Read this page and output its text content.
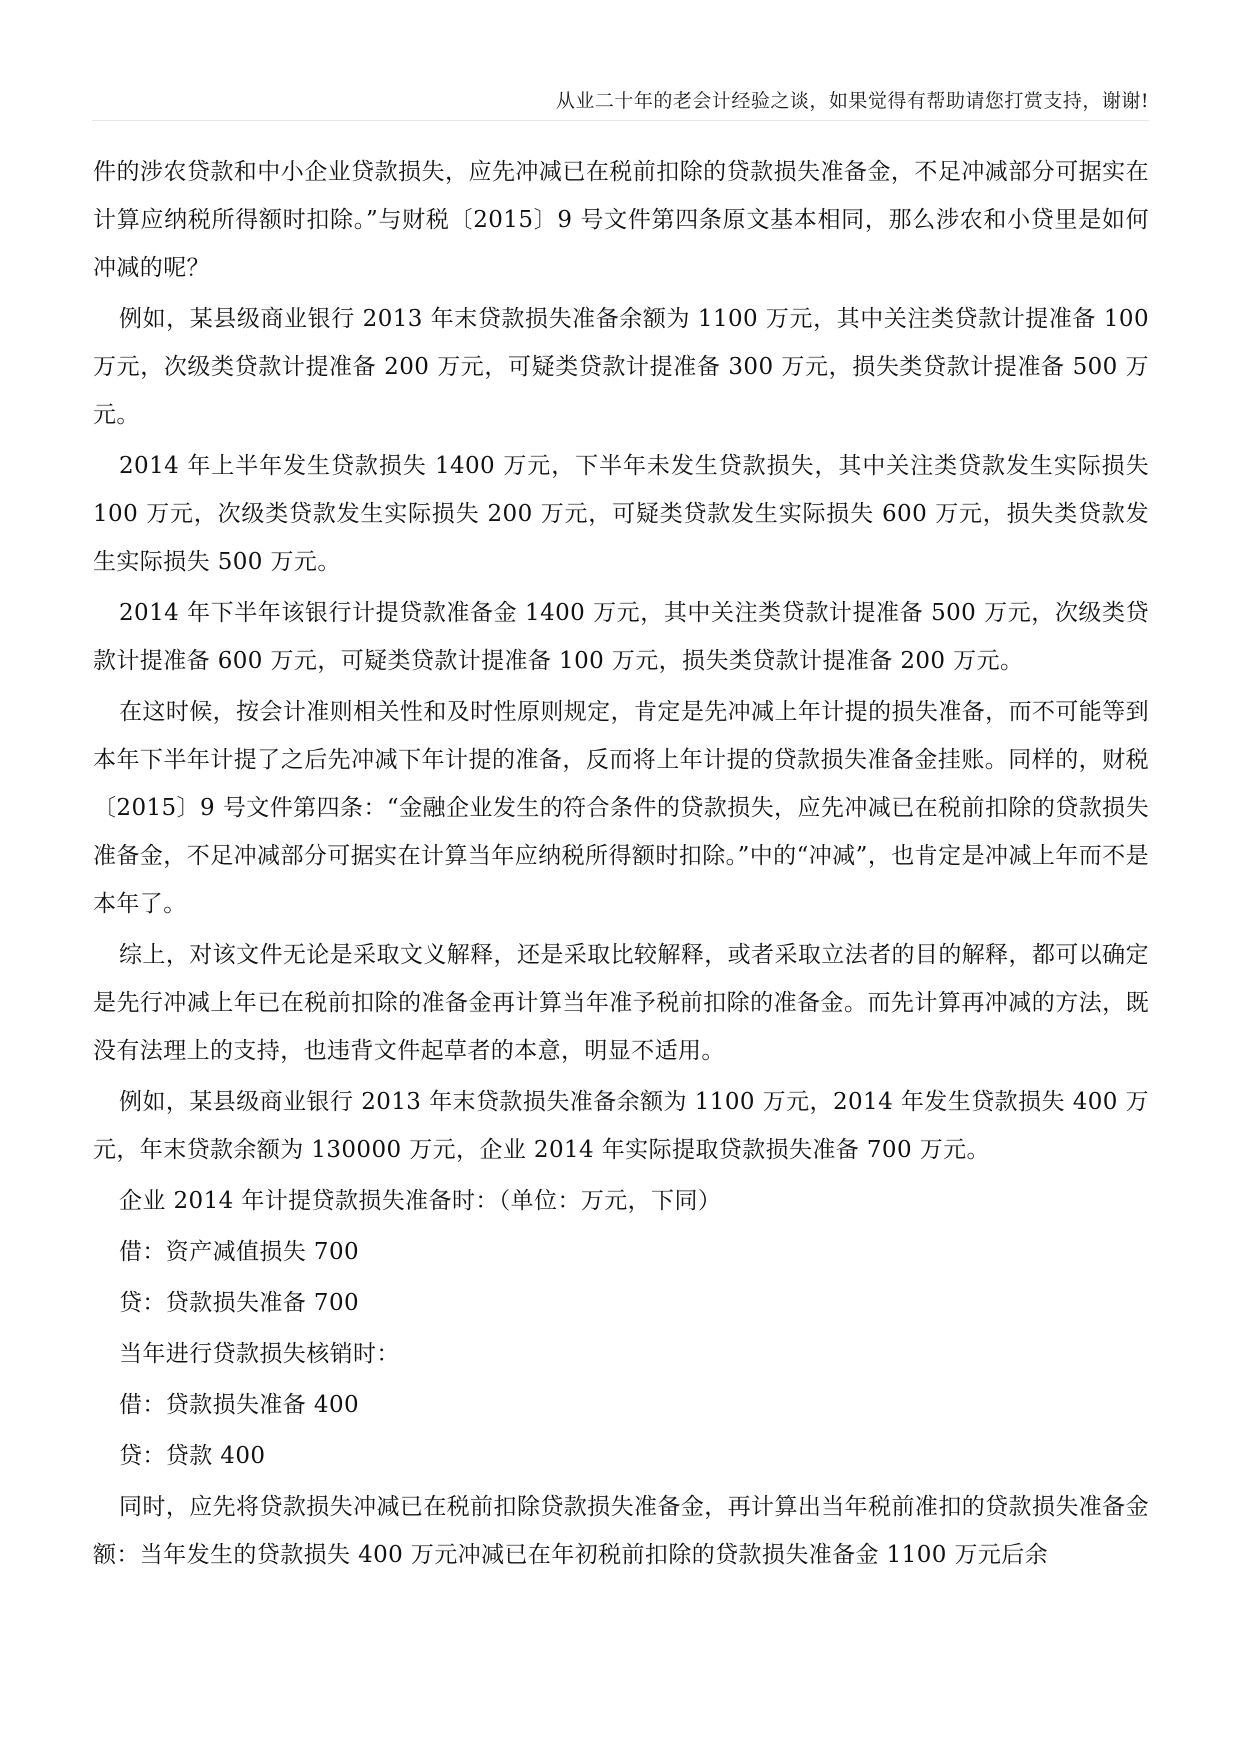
从业二十年的老会计经验之谈，如果觉得有帮助请您打赏支持，谢谢!

件的涉农贷款和中小企业贷款损失，应先冲减已在税前扣除的贷款损失准备金，不足冲减部分可据实在计算应纳税所得额时扣除。”与财税〔2015〕9 号文件第四条原文基本相同，那么涉农和小贷里是如何冲减的呢？

例如，某县级商业银行 2013 年末贷款损失准备余额为 1100 万元，其中关注类贷款计提准备 100 万元，次级类贷款计提准备 200 万元，可疑类贷款计提准备 300 万元，损失类贷款计提准备 500 万元。

2014 年上半年发生贷款损失 1400 万元，下半年未发生贷款损失，其中关注类贷款发生实际损失 100 万元，次级类贷款发生实际损失 200 万元，可疑类贷款发生实际损失 600 万元，损失类贷款发生实际损失 500 万元。

2014 年下半年该银行计提贷款准备金 1400 万元，其中关注类贷款计提准备 500 万元，次级类贷款计提准备 600 万元，可疑类贷款计提准备 100 万元，损失类贷款计提准备 200 万元。

在这时候，按会计准则相关性和及时性原则规定，肯定是先冲减上年计提的损失准备，而不可能等到本年下半年计提了之后先冲减下年计提的准备，反而将上年计提的贷款损失准备金挂账。同样的，财税〔2015〕9 号文件第四条：“金融企业发生的符合条件的贷款损失，应先冲减已在税前扣除的贷款损失准备金，不足冲减部分可据实在计算当年应纳税所得额时扣除。”中的“冲减”，也肯定是冲减上年而不是本年了。

综上，对该文件无论是采取文义解释，还是采取比较解释，或者采取立法者的目的解释，都可以确定是先行冲减上年已在税前扣除的准备金再计算当年准予税前扣除的准备金。而先计算再冲减的方法，既没有法理上的支持，也违背文件起草者的本意，明显不适用。

例如，某县级商业银行 2013 年末贷款损失准备余额为 1100 万元，2014 年发生贷款损失 400 万元，年末贷款余额为 130000 万元，企业 2014 年实际提取贷款损失准备 700 万元。

企业 2014 年计提贷款损失准备时：（单位：万元，下同）

借：资产减值损失 700

贷：贷款损失准备 700

当年进行贷款损失核销时：

借：贷款损失准备 400

贷：贷款 400

同时，应先将贷款损失冲减已在税前扣除贷款损失准备金，再计算出当年税前准扣的贷款损失准备金额：当年发生的贷款损失 400 万元冲减已在年初税前扣除的贷款损失准备金 1100 万元后余
